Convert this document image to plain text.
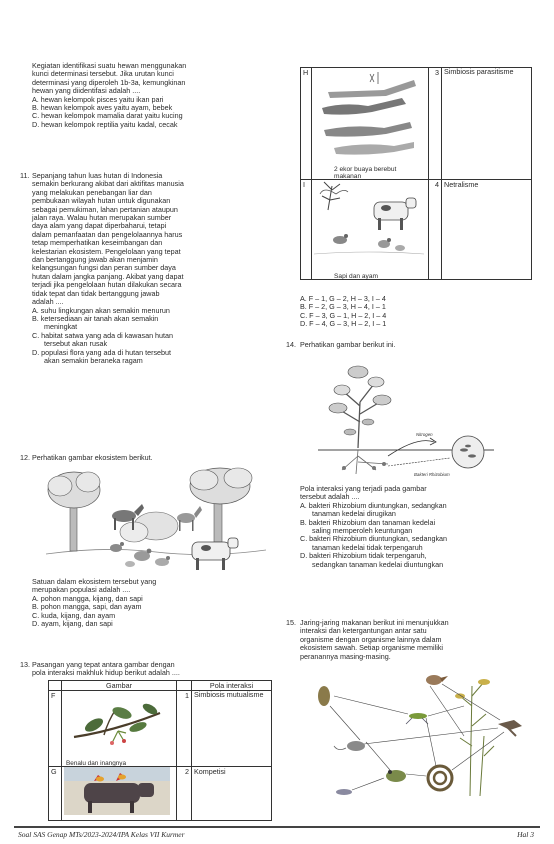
Kegiatan identifikasi suatu hewan menggunakan
kunci determinasi tersebut. Jika urutan kunci
determinasi yang diperoleh 1b-3a, kemungkinan
hewan yang diidentifasi adalah ....
A. hewan kelompok pisces yaitu ikan pari
B. hewan kelompok aves yaitu ayam, bebek
C. hewan kelompok mamalia darat yaitu kucing
D. hewan kelompok reptilia yaitu kadal, cecak
11. Sepanjang tahun luas hutan di Indonesia
semakin berkurang akibat dari aktifitas manusia
yang melakukan penebangan liar dan
pembukaan wilayah hutan untuk digunakan
sebagai pemukiman, lahan pertanian ataupun
jalan raya. Walau hutan merupakan sumber
daya alam yang dapat diperbaharui, tetapi
dalam pemanfaatan dan pengelolaannya harus
tetap memperhatikan keseimbangan dan
kelestarian ekosistem. Pengelolaan yang tepat
dan bertanggung jawab akan menjamin
kelangsungan fungsi dan peran sumber daya
hutan dalam jangka panjang. Akibat yang dapat
terjadi jika pengelolaan hutan dilakukan secara
tidak tepat dan tidak bertanggung jawab
adalah ....
A. suhu lingkungan akan semakin menurun
B. ketersediaan air tanah akan semakin
meningkat
C. habitat satwa yang ada di kawasan hutan
tersebut akan rusak
D. populasi flora yang ada di hutan tersebut
akan semakin beraneka ragam
12. Perhatikan gambar ekosistem berikut.
Satuan dalam ekosistem tersebut yang
merupakan populasi adalah ....
A. pohon mangga, kijang, dan sapi
B. pohon mangga, sapi, dan ayam
C. kuda, kijang, dan ayam
D. ayam, kijang, dan sapi
13. Pasangan yang tepat antara gambar dengan
pola interaksi makhluk hidup berikut adalah ....
	Gambar		Pola interaksi
F	Benalu dan inangnya	1	Simbiosis mutualisme
G		2	Kompetisi
H	2 ekor buaya berebut makanan	3	Simbiosis parasitisme
I	Sapi dan ayam	4	Netralisme
A. F – 1, G – 2, H – 3, I – 4
B. F – 2, G – 3, H – 4, I – 1
C. F – 3, G – 1, H – 2, I – 4
D. F – 4, G – 3, H – 2, I – 1
14. Perhatikan gambar berikut ini.
Nitrogen
Bakteri Rhizobium
Pola interaksi yang terjadi pada gambar
tersebut adalah ....
A. bakteri Rhizobium diuntungkan, sedangkan
tanaman kedelai dirugikan
B. bakteri Rhizobium dan tanaman kedelai
saling memperoleh keuntungan
C. bakteri Rhizobium diuntungkan, sedangkan
tanaman kedelai tidak terpengaruh
D. bakteri Rhizobium tidak terpengaruh,
sedangkan tanaman kedelai diuntungkan
15. Jaring-jaring makanan berikut ini menunjukkan
interaksi dan ketergantungan antar satu
organisme dengan organisme lainnya dalam
ekosistem sawah. Setiap organisme memiliki
peranannya masing-masing.
Soal SAS Genap MTs/2023-2024/IPA Kelas VII Kurmer	Hal 3
